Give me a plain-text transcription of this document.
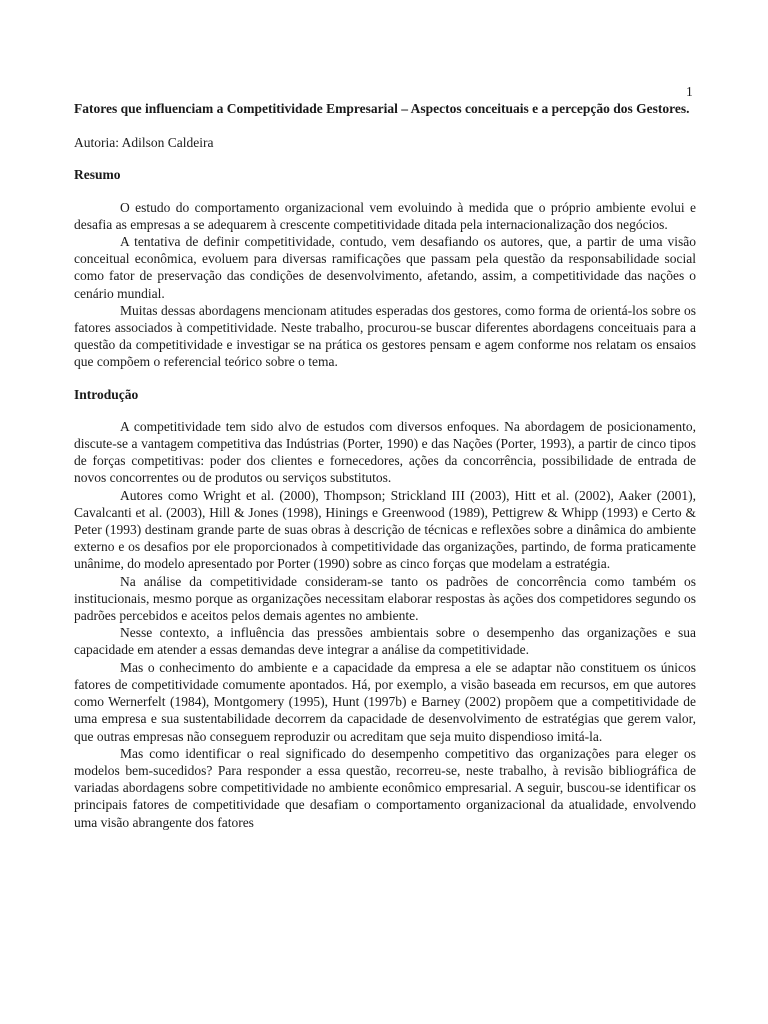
1

Fatores que influenciam a Competitividade Empresarial – Aspectos conceituais e a percepção dos Gestores.

Autoria: Adilson Caldeira

Resumo

O estudo do comportamento organizacional vem evoluindo à medida que o próprio ambiente evolui e desafia as empresas a se adequarem à crescente competitividade ditada pela internacionalização dos negócios.

A tentativa de definir competitividade, contudo, vem desafiando os autores, que, a partir de uma visão conceitual econômica, evoluem para diversas ramificações que passam pela questão da responsabilidade social como fator de preservação das condições de desenvolvimento, afetando, assim, a competitividade das nações o cenário mundial.

Muitas dessas abordagens mencionam atitudes esperadas dos gestores, como forma de orientá-los sobre os fatores associados à competitividade. Neste trabalho, procurou-se buscar diferentes abordagens conceituais para a questão da competitividade e investigar se na prática os gestores pensam e agem conforme nos relatam os ensaios que compõem o referencial teórico sobre o tema.

Introdução

A competitividade tem sido alvo de estudos com diversos enfoques. Na abordagem de posicionamento, discute-se a vantagem competitiva das Indústrias (Porter, 1990) e das Nações (Porter, 1993), a partir de cinco tipos de forças competitivas: poder dos clientes e fornecedores, ações da concorrência, possibilidade de entrada de novos concorrentes ou de produtos ou serviços substitutos.

Autores como Wright et al. (2000), Thompson; Strickland III (2003), Hitt et al. (2002), Aaker (2001), Cavalcanti et al. (2003), Hill & Jones (1998), Hinings e Greenwood (1989), Pettigrew & Whipp (1993) e Certo & Peter (1993) destinam grande parte de suas obras à descrição de técnicas e reflexões sobre a dinâmica do ambiente externo e os desafios por ele proporcionados à competitividade das organizações, partindo, de forma praticamente unânime, do modelo apresentado por Porter (1990) sobre as cinco forças que modelam a estratégia.

Na análise da competitividade consideram-se tanto os padrões de concorrência como também os institucionais, mesmo porque as organizações necessitam elaborar respostas às ações dos competidores segundo os padrões percebidos e aceitos pelos demais agentes no ambiente.

Nesse contexto, a influência das pressões ambientais sobre o desempenho das organizações e sua capacidade em atender a essas demandas deve integrar a análise da competitividade.

Mas o conhecimento do ambiente e a capacidade da empresa a ele se adaptar não constituem os únicos fatores de competitividade comumente apontados. Há, por exemplo, a visão baseada em recursos, em que autores como Wernerfelt (1984), Montgomery (1995), Hunt (1997b) e Barney (2002) propõem que a competitividade de uma empresa e sua sustentabilidade decorrem da capacidade de desenvolvimento de estratégias que gerem valor, que outras empresas não conseguem reproduzir ou acreditam que seja muito dispendioso imitá-la.

Mas como identificar o real significado do desempenho competitivo das organizações para eleger os modelos bem-sucedidos? Para responder a essa questão, recorreu-se, neste trabalho, à revisão bibliográfica de variadas abordagens sobre competitividade no ambiente econômico empresarial. A seguir, buscou-se identificar os principais fatores de competitividade que desafiam o comportamento organizacional da atualidade, envolvendo uma visão abrangente dos fatores
